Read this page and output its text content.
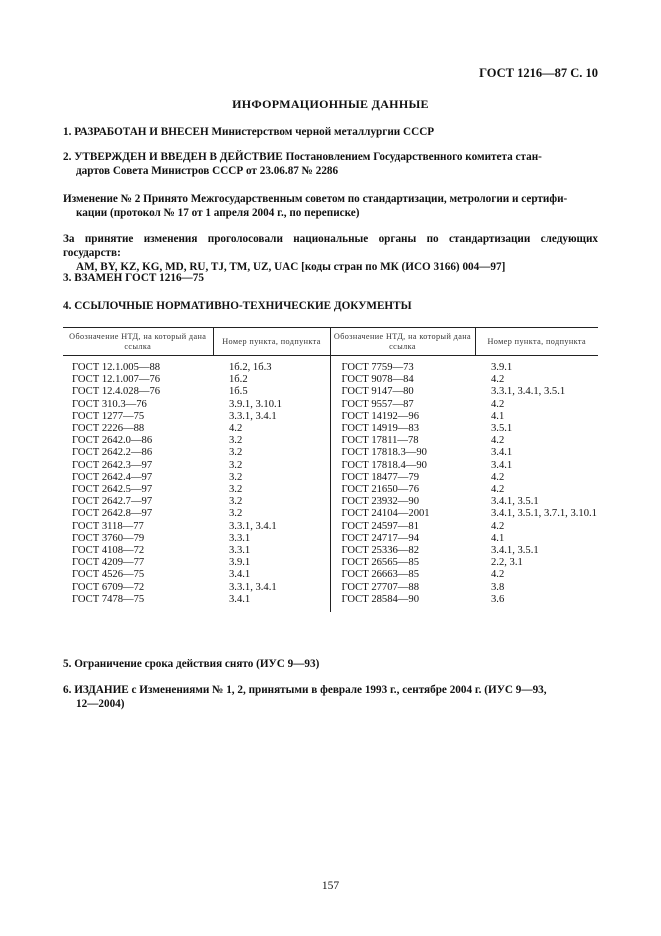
ГОСТ 1216—87 С. 10
ИНФОРМАЦИОННЫЕ ДАННЫЕ
1. РАЗРАБОТАН И ВНЕСЕН Министерством черной металлургии СССР
2. УТВЕРЖДЕН И ВВЕДЕН В ДЕЙСТВИЕ Постановлением Государственного комитета стан-
дартов Совета Министров СССР от 23.06.87 № 2286
Изменение № 2 Принято Межгосударственным советом по стандартизации, метрологии и сертифи-
кации (протокол № 17 от 1 апреля 2004 г., по переписке)
За принятие изменения проголосовали национальные органы по стандартизации следующих государств:
AM, BY, KZ, KG, MD, RU, TJ, TM, UZ, UAC [коды стран по МК (ИСО 3166) 004—97]
3. ВЗАМЕН ГОСТ 1216—75
4. ССЫЛОЧНЫЕ НОРМАТИВНО-ТЕХНИЧЕСКИЕ ДОКУМЕНТЫ
Обозначение НТД, на который дана ссылка	Номер пункта, подпункта	Обозначение НТД, на который дана ссылка	Номер пункта, подпункта
ГОСТ 12.1.005—88	1б.2, 1б.3	ГОСТ 7759—73	3.9.1
ГОСТ 12.1.007—76	1б.2	ГОСТ 9078—84	4.2
ГОСТ 12.4.028—76	1б.5	ГОСТ 9147—80	3.3.1, 3.4.1, 3.5.1
ГОСТ 310.3—76	3.9.1, 3.10.1	ГОСТ 9557—87	4.2
ГОСТ 1277—75	3.3.1, 3.4.1	ГОСТ 14192—96	4.1
ГОСТ 2226—88	4.2	ГОСТ 14919—83	3.5.1
ГОСТ 2642.0—86	3.2	ГОСТ 17811—78	4.2
ГОСТ 2642.2—86	3.2	ГОСТ 17818.3—90	3.4.1
ГОСТ 2642.3—97	3.2	ГОСТ 17818.4—90	3.4.1
ГОСТ 2642.4—97	3.2	ГОСТ 18477—79	4.2
ГОСТ 2642.5—97	3.2	ГОСТ 21650—76	4.2
ГОСТ 2642.7—97	3.2	ГОСТ 23932—90	3.4.1, 3.5.1
ГОСТ 2642.8—97	3.2	ГОСТ 24104—2001	3.4.1, 3.5.1, 3.7.1, 3.10.1
ГОСТ 3118—77	3.3.1, 3.4.1	ГОСТ 24597—81	4.2
ГОСТ 3760—79	3.3.1	ГОСТ 24717—94	4.1
ГОСТ 4108—72	3.3.1	ГОСТ 25336—82	3.4.1, 3.5.1
ГОСТ 4209—77	3.9.1	ГОСТ 26565—85	2.2, 3.1
ГОСТ 4526—75	3.4.1	ГОСТ 26663—85	4.2
ГОСТ 6709—72	3.3.1, 3.4.1	ГОСТ 27707—88	3.8
ГОСТ 7478—75	3.4.1	ГОСТ 28584—90	3.6
5. Ограничение срока действия снято (ИУС 9—93)
6. ИЗДАНИЕ с Изменениями № 1, 2, принятыми в феврале 1993 г., сентябре 2004 г. (ИУС 9—93,
12—2004)
157
